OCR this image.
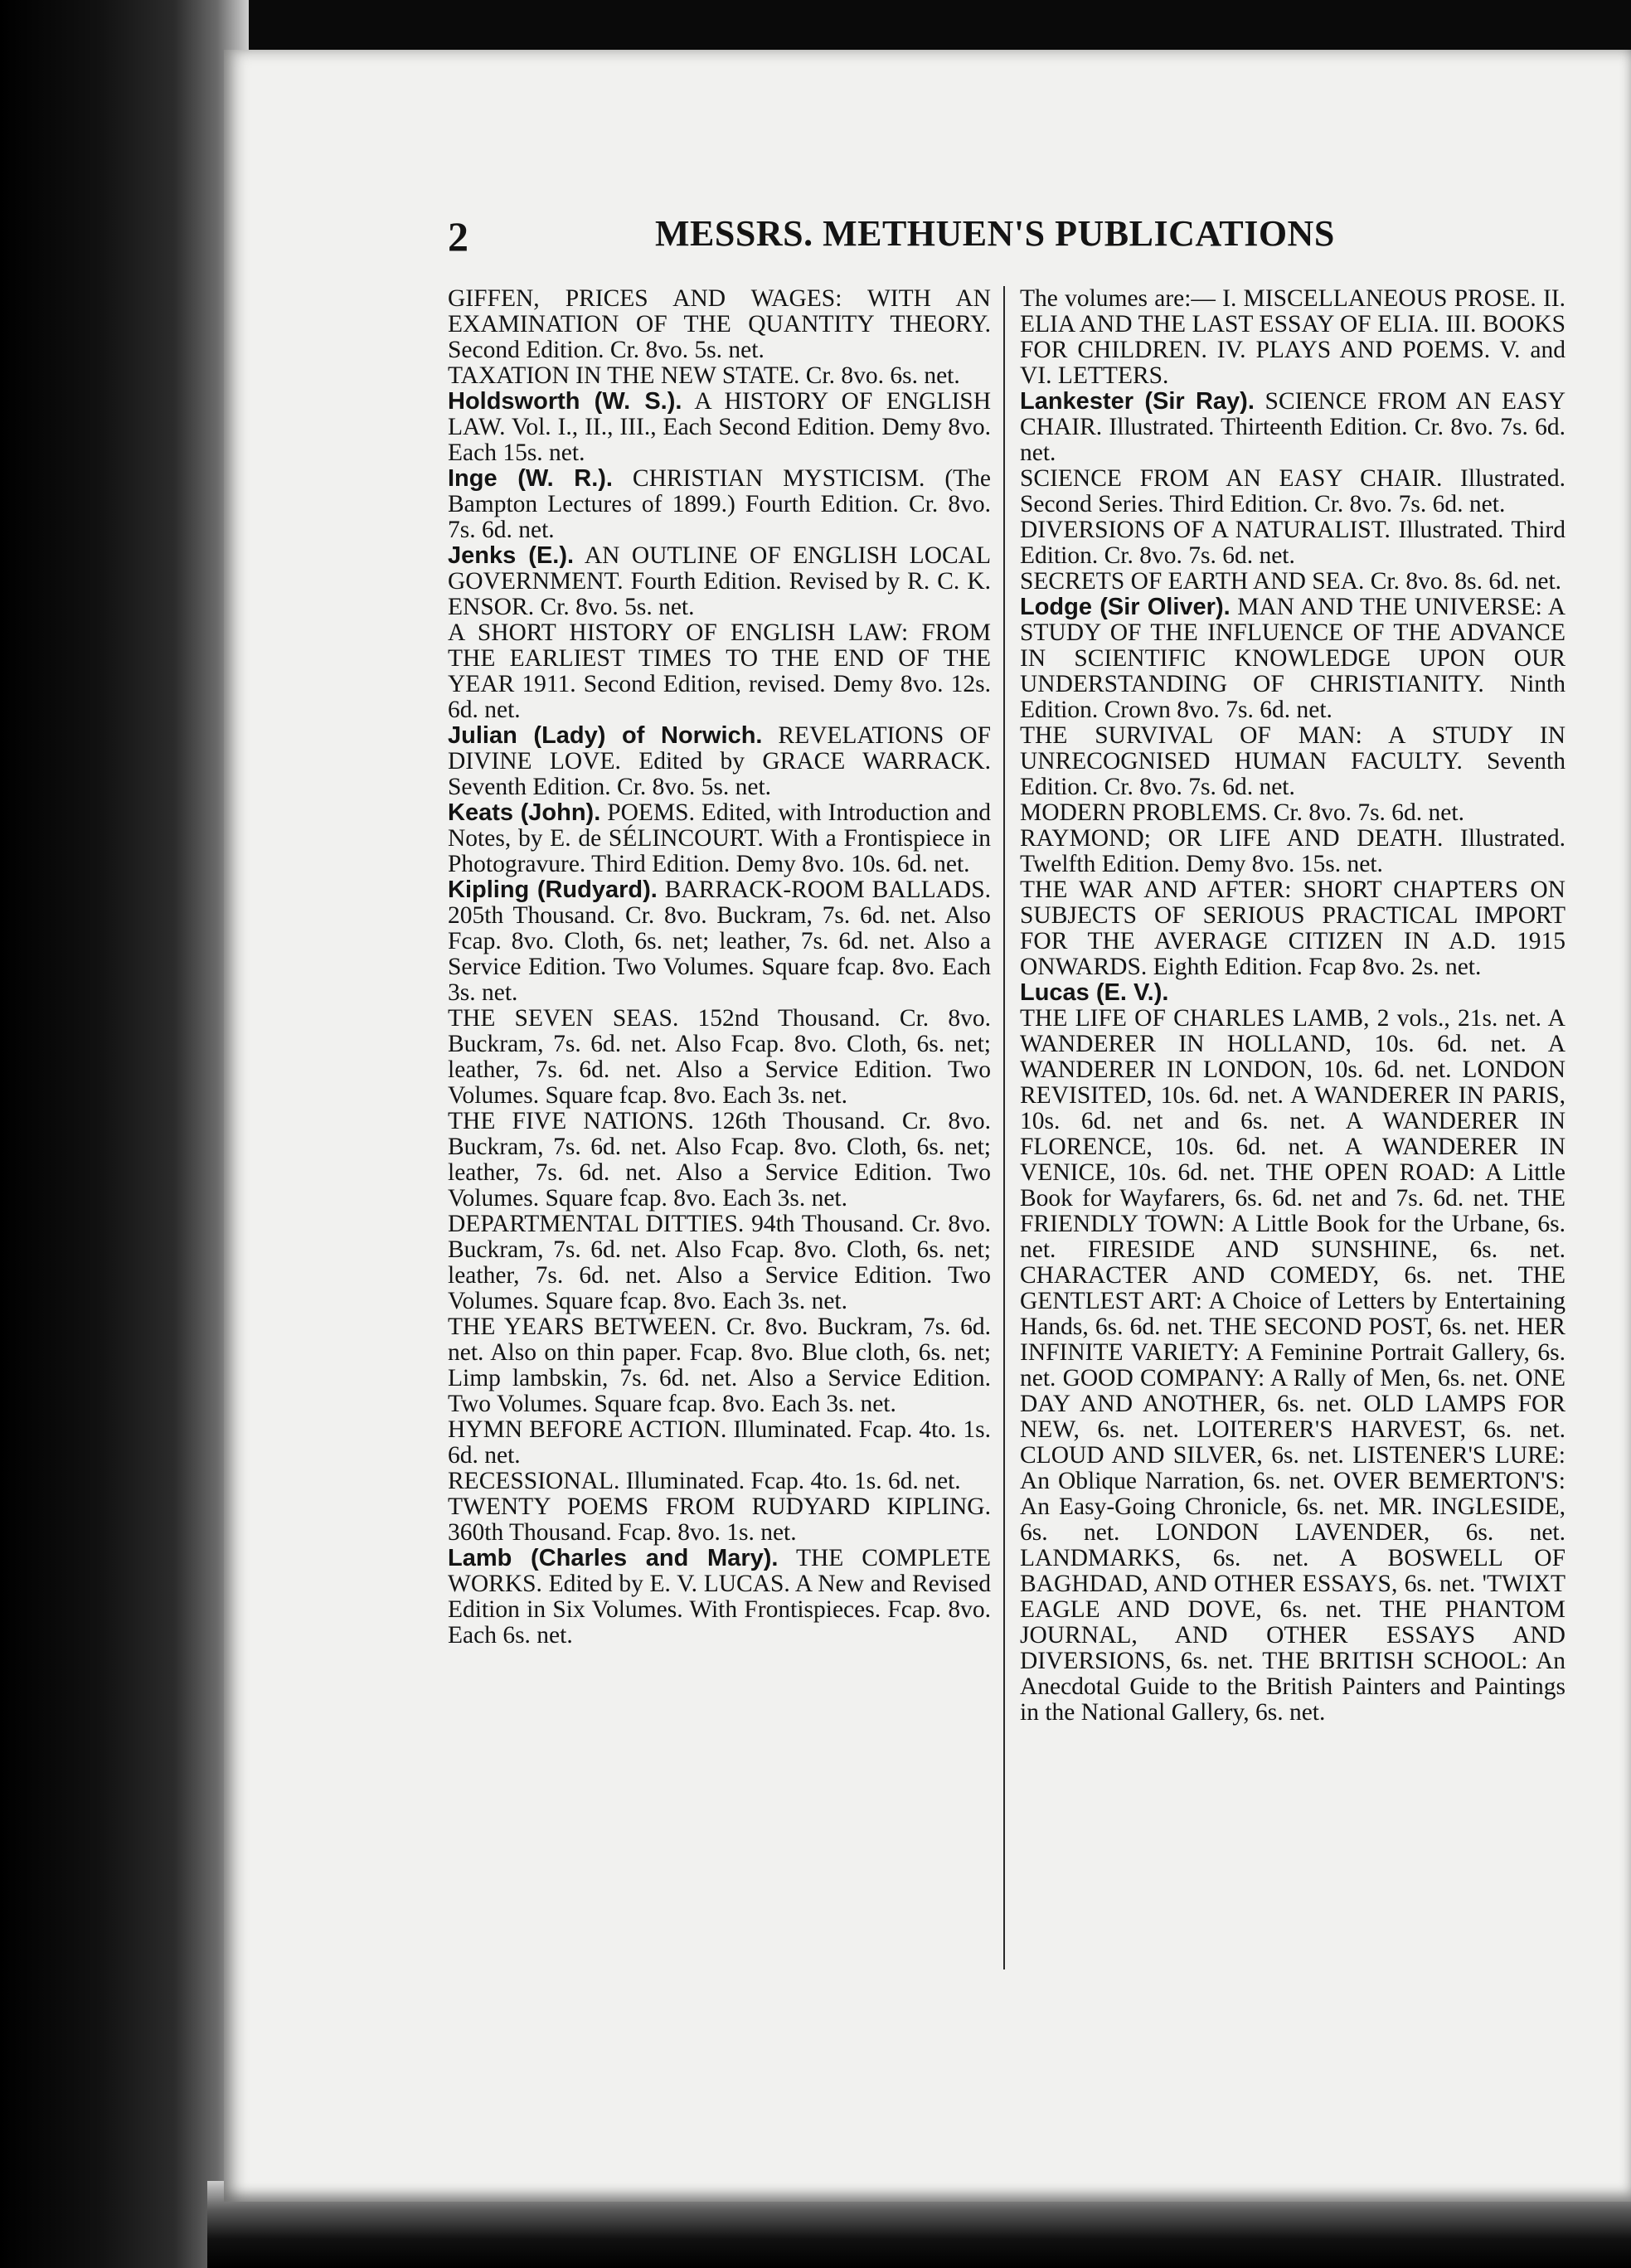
2	MESSRS. METHUEN'S PUBLICATIONS
GIFFEN, PRICES AND WAGES: WITH AN EXAMINATION OF THE QUANTITY THEORY. Second Edition. Cr. 8vo. 5s. net.
TAXATION IN THE NEW STATE. Cr. 8vo. 6s. net.
Holdsworth (W. S.). A HISTORY OF ENGLISH LAW. Vol. I., II., III., Each Second Edition. Demy 8vo. Each 15s. net.
Inge (W. R.). CHRISTIAN MYSTICISM. (The Bampton Lectures of 1899.) Fourth Edition. Cr. 8vo. 7s. 6d. net.
Jenks (E.). AN OUTLINE OF ENGLISH LOCAL GOVERNMENT. Fourth Edition. Revised by R. C. K. ENSOR. Cr. 8vo. 5s. net.
A SHORT HISTORY OF ENGLISH LAW: FROM THE EARLIEST TIMES TO THE END OF THE YEAR 1911. Second Edition, revised. Demy 8vo. 12s. 6d. net.
Julian (Lady) of Norwich. REVELATIONS OF DIVINE LOVE. Edited by GRACE WARRACK. Seventh Edition. Cr. 8vo. 5s. net.
Keats (John). POEMS. Edited, with Introduction and Notes, by E. de SÉLINCOURT. With a Frontispiece in Photogravure. Third Edition. Demy 8vo. 10s. 6d. net.
Kipling (Rudyard). BARRACK-ROOM BALLADS. 205th Thousand. Cr. 8vo. Buckram, 7s. 6d. net. Also Fcap. 8vo. Cloth, 6s. net; leather, 7s. 6d. net. Also a Service Edition. Two Volumes. Square fcap. 8vo. Each 3s. net.
THE SEVEN SEAS. 152nd Thousand. Cr. 8vo. Buckram, 7s. 6d. net. Also Fcap. 8vo. Cloth, 6s. net; leather, 7s. 6d. net. Also a Service Edition. Two Volumes. Square fcap. 8vo. Each 3s. net.
THE FIVE NATIONS. 126th Thousand. Cr. 8vo. Buckram, 7s. 6d. net. Also Fcap. 8vo. Cloth, 6s. net; leather, 7s. 6d. net. Also a Service Edition. Two Volumes. Square fcap. 8vo. Each 3s. net.
DEPARTMENTAL DITTIES. 94th Thousand. Cr. 8vo. Buckram, 7s. 6d. net. Also Fcap. 8vo. Cloth, 6s. net; leather, 7s. 6d. net. Also a Service Edition. Two Volumes. Square fcap. 8vo. Each 3s. net.
THE YEARS BETWEEN. Cr. 8vo. Buckram, 7s. 6d. net. Also on thin paper. Fcap. 8vo. Blue cloth, 6s. net; Limp lambskin, 7s. 6d. net. Also a Service Edition. Two Volumes. Square fcap. 8vo. Each 3s. net.
HYMN BEFORE ACTION. Illuminated. Fcap. 4to. 1s. 6d. net.
RECESSIONAL. Illuminated. Fcap. 4to. 1s. 6d. net.
TWENTY POEMS FROM RUDYARD KIPLING. 360th Thousand. Fcap. 8vo. 1s. net.
Lamb (Charles and Mary). THE COMPLETE WORKS. Edited by E. V. LUCAS. A New and Revised Edition in Six Volumes. With Frontispieces. Fcap. 8vo. Each 6s. net.
The volumes are:— I. MISCELLANEOUS PROSE. II. ELIA AND THE LAST ESSAY OF ELIA. III. BOOKS FOR CHILDREN. IV. PLAYS AND POEMS. V. and VI. LETTERS.
Lankester (Sir Ray). SCIENCE FROM AN EASY CHAIR. Illustrated. Thirteenth Edition. Cr. 8vo. 7s. 6d. net.
SCIENCE FROM AN EASY CHAIR. Illustrated. Second Series. Third Edition. Cr. 8vo. 7s. 6d. net.
DIVERSIONS OF A NATURALIST. Illustrated. Third Edition. Cr. 8vo. 7s. 6d. net.
SECRETS OF EARTH AND SEA. Cr. 8vo. 8s. 6d. net.
Lodge (Sir Oliver). MAN AND THE UNIVERSE: A STUDY OF THE INFLUENCE OF THE ADVANCE IN SCIENTIFIC KNOWLEDGE UPON OUR UNDERSTANDING OF CHRISTIANITY. Ninth Edition. Crown 8vo. 7s. 6d. net.
THE SURVIVAL OF MAN: A STUDY IN UNRECOGNISED HUMAN FACULTY. Seventh Edition. Cr. 8vo. 7s. 6d. net.
MODERN PROBLEMS. Cr. 8vo. 7s. 6d. net.
RAYMOND; OR LIFE AND DEATH. Illustrated. Twelfth Edition. Demy 8vo. 15s. net.
THE WAR AND AFTER: SHORT CHAPTERS ON SUBJECTS OF SERIOUS PRACTICAL IMPORT FOR THE AVERAGE CITIZEN IN A.D. 1915 ONWARDS. Eighth Edition. Fcap 8vo. 2s. net.
Lucas (E. V.).
THE LIFE OF CHARLES LAMB, 2 vols., 21s. net. A WANDERER IN HOLLAND, 10s. 6d. net. A WANDERER IN LONDON, 10s. 6d. net. LONDON REVISITED, 10s. 6d. net. A WANDERER IN PARIS, 10s. 6d. net and 6s. net. A WANDERER IN FLORENCE, 10s. 6d. net. A WANDERER IN VENICE, 10s. 6d. net. THE OPEN ROAD: A Little Book for Wayfarers, 6s. 6d. net and 7s. 6d. net. THE FRIENDLY TOWN: A Little Book for the Urbane, 6s. net. FIRESIDE AND SUNSHINE, 6s. net. CHARACTER AND COMEDY, 6s. net. THE GENTLEST ART: A Choice of Letters by Entertaining Hands, 6s. 6d. net. THE SECOND POST, 6s. net. HER INFINITE VARIETY: A Feminine Portrait Gallery, 6s. net. GOOD COMPANY: A Rally of Men, 6s. net. ONE DAY AND ANOTHER, 6s. net. OLD LAMPS FOR NEW, 6s. net. LOITERER'S HARVEST, 6s. net. CLOUD AND SILVER, 6s. net. LISTENER'S LURE: An Oblique Narration, 6s. net. OVER BEMERTON'S: An Easy-Going Chronicle, 6s. net. MR. INGLESIDE, 6s. net. LONDON LAVENDER, 6s. net. LANDMARKS, 6s. net. A BOSWELL OF BAGHDAD, AND OTHER ESSAYS, 6s. net. 'TWIXT EAGLE AND DOVE, 6s. net. THE PHANTOM JOURNAL, AND OTHER ESSAYS AND DIVERSIONS, 6s. net. THE BRITISH SCHOOL: An Anecdotal Guide to the British Painters and Paintings in the National Gallery, 6s. net.
